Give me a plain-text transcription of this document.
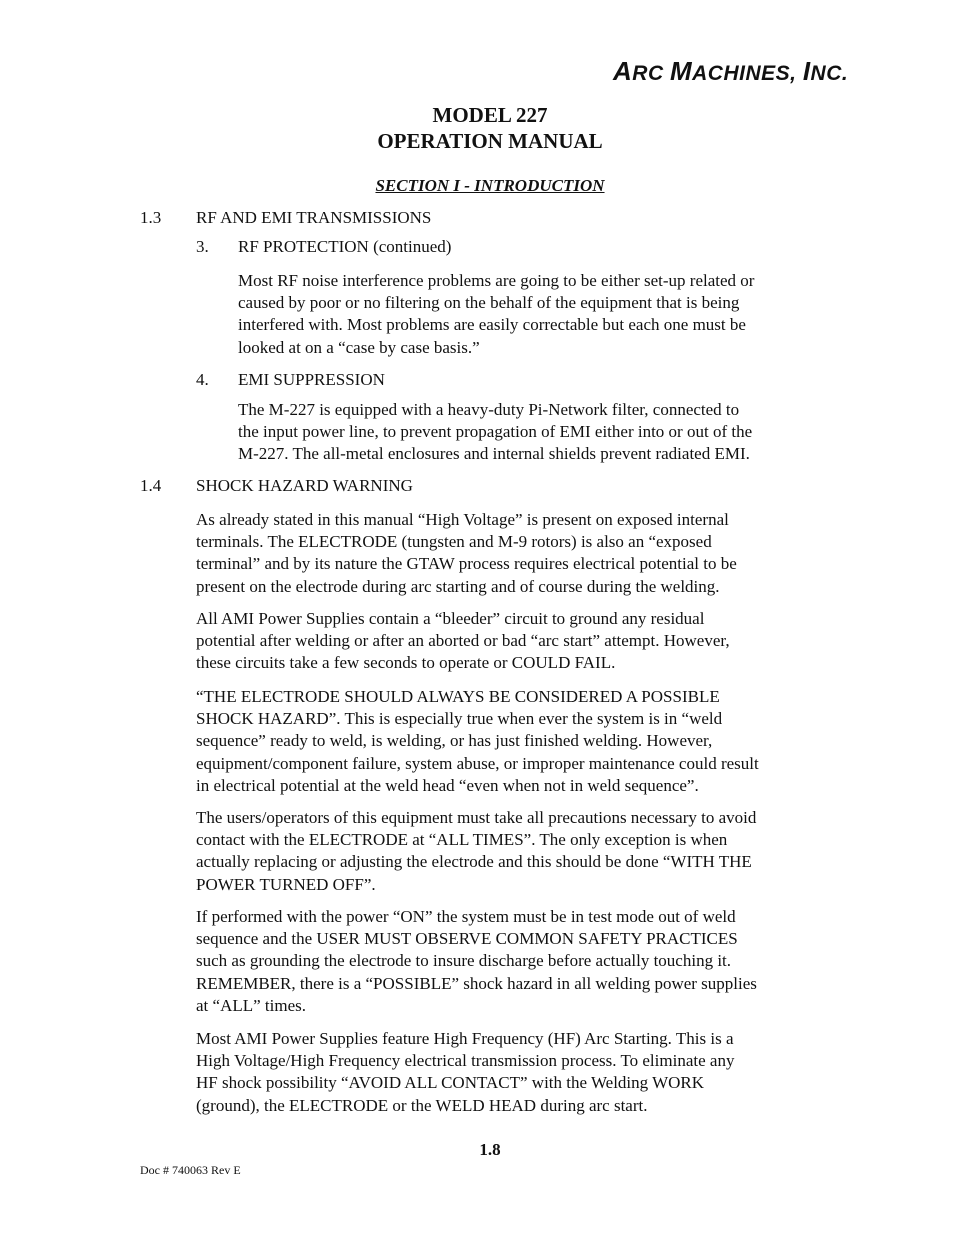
ARC MACHINES, INC.
MODEL 227
OPERATION MANUAL
SECTION I - INTRODUCTION
1.3 RF AND EMI TRANSMISSIONS
3. RF PROTECTION (continued)
Most RF noise interference problems are going to be either set-up related or
caused by poor or no filtering on the behalf of the equipment that is being
interfered with. Most problems are easily correctable but each one must be
looked at on a “case by case basis.”
4. EMI SUPPRESSION
The M-227 is equipped with a heavy-duty Pi-Network filter, connected to
the input power line, to prevent propagation of EMI either into or out of the
M-227. The all-metal enclosures and internal shields prevent radiated EMI.
1.4 SHOCK HAZARD WARNING
As already stated in this manual “High Voltage” is present on exposed internal
terminals. The ELECTRODE (tungsten and M-9 rotors) is also an “exposed
terminal” and by its nature the GTAW process requires electrical potential to be
present on the electrode during arc starting and of course during the welding.
All AMI Power Supplies contain a “bleeder” circuit to ground any residual
potential after welding or after an aborted or bad “arc start” attempt. However,
these circuits take a few seconds to operate or COULD FAIL.
“THE ELECTRODE SHOULD ALWAYS BE CONSIDERED A POSSIBLE
SHOCK HAZARD”. This is especially true when ever the system is in “weld
sequence” ready to weld, is welding, or has just finished welding. However,
equipment/component failure, system abuse, or improper maintenance could result
in electrical potential at the weld head “even when not in weld sequence”.
The users/operators of this equipment must take all precautions necessary to avoid
contact with the ELECTRODE at “ALL TIMES”. The only exception is when
actually replacing or adjusting the electrode and this should be done “WITH THE
POWER TURNED OFF”.
If performed with the power “ON” the system must be in test mode out of weld
sequence and the USER MUST OBSERVE COMMON SAFETY PRACTICES
such as grounding the electrode to insure discharge before actually touching it.
REMEMBER, there is a “POSSIBLE” shock hazard in all welding power supplies
at “ALL” times.
Most AMI Power Supplies feature High Frequency (HF) Arc Starting. This is a
High Voltage/High Frequency electrical transmission process. To eliminate any
HF shock possibility “AVOID ALL CONTACT” with the Welding WORK
(ground), the ELECTRODE or the WELD HEAD during arc start.
1.8
Doc # 740063 Rev E
